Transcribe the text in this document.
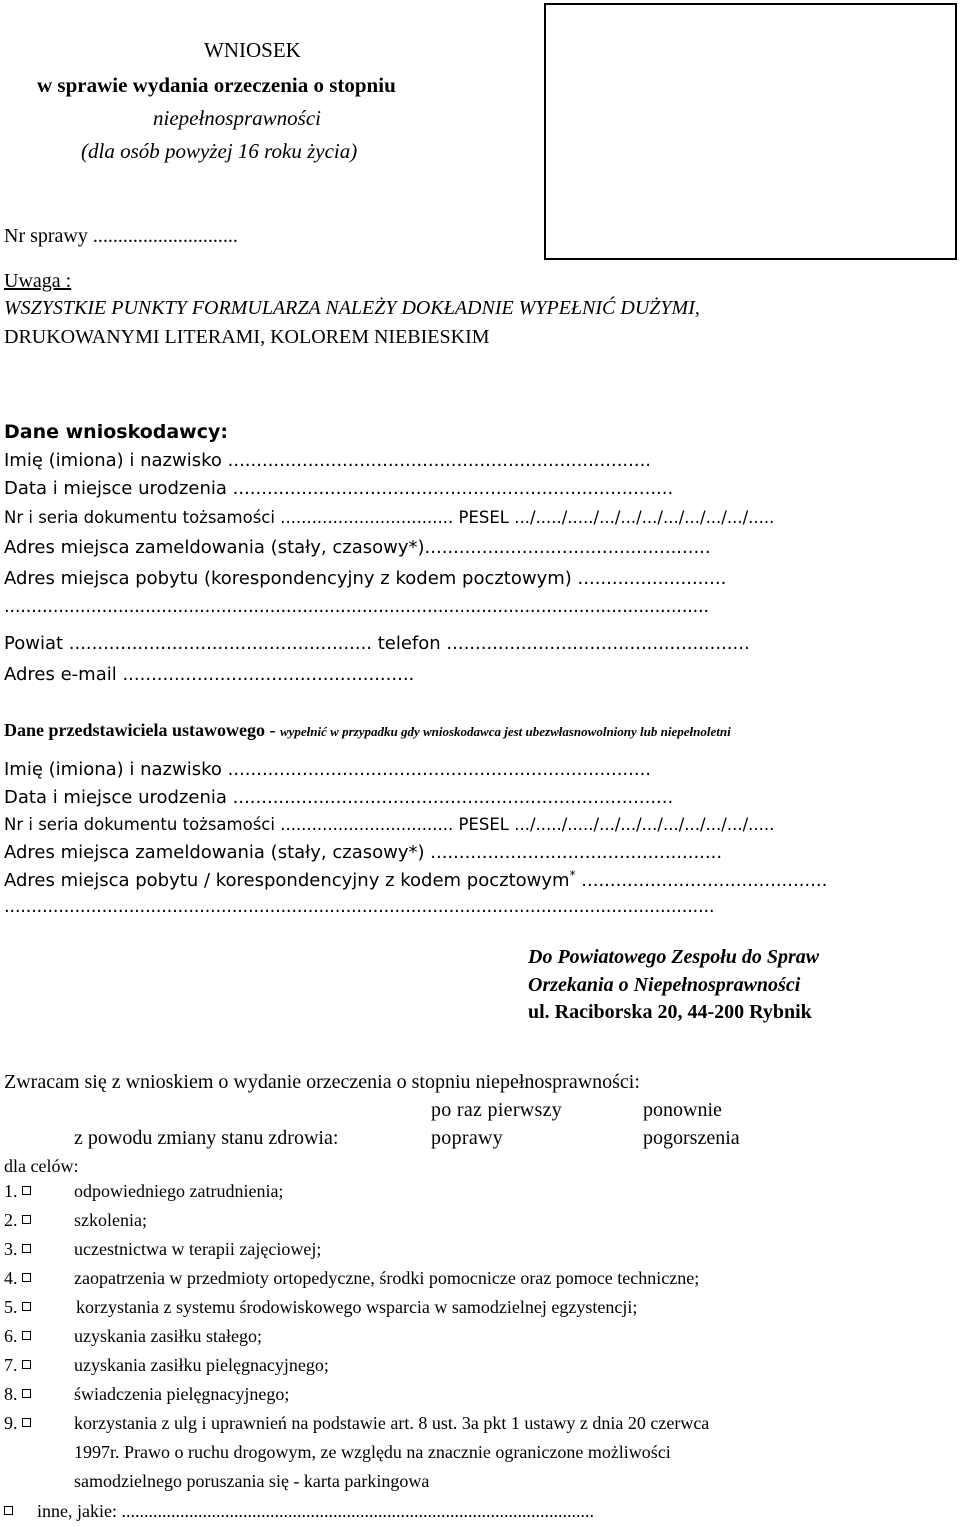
WNIOSEK
w sprawie wydania orzeczenia o stopniu
niepełnosprawności
(dla osób powyżej 16 roku życia)
Nr sprawy .............................
Uwaga :
WSZYSTKIE PUNKTY FORMULARZA NALEŻY DOKŁADNIE WYPEŁNIĆ DUŻYMI,
DRUKOWANYMI LITERAMI, KOLOREM NIEBIESKIM
Dane wnioskodawcy:
Imię (imiona) i nazwisko ..........................................................................
Data i miejsce urodzenia .............................................................................
Nr i seria dokumentu tożsamości ................................. PESEL .../...../...../.../.../.../.../.../.../.../.....
Adres miejsca zameldowania (stały, czasowy*)..................................................
Adres miejsca pobytu (korespondencyjny z kodem pocztowym) ..........................
..................................................................................................................................
Powiat ..................................................... telefon .....................................................
Adres e-mail ...................................................
Dane przedstawiciela ustawowego - wypełnić w przypadku gdy wnioskodawca jest ubezwłasnowolniony lub niepełnoletni
Imię (imiona) i nazwisko ..........................................................................
Data i miejsce urodzenia .............................................................................
Nr i seria dokumentu tożsamości ................................. PESEL .../...../...../.../.../.../.../.../.../.../.....
Adres miejsca zameldowania (stały, czasowy*) ...................................................
Adres miejsca pobytu / korespondencyjny z kodem pocztowym* ...........................................
...................................................................................................................................
Do Powiatowego Zespołu do Spraw
Orzekania o Niepełnosprawności
ul. Raciborska 20, 44-200 Rybnik
Zwracam się z wnioskiem o wydanie orzeczenia o stopniu niepełnosprawności:
po raz pierwszy	ponownie
z powodu zmiany stanu zdrowia:	poprawy	pogorszenia
dla celów:
1.	odpowiedniego zatrudnienia;
2.	szkolenia;
3.	uczestnictwa w terapii zajęciowej;
4.	zaopatrzenia w przedmioty ortopedyczne, środki pomocnicze oraz pomoce techniczne;
5.	korzystania z systemu środowiskowego wsparcia w samodzielnej egzystencji;
6.	uzyskania zasiłku stałego;
7.	uzyskania zasiłku pielęgnacyjnego;
8.	świadczenia pielęgnacyjnego;
9.	korzystania z ulg i uprawnień na podstawie art. 8 ust. 3a pkt 1 ustawy z dnia 20 czerwca
1997r. Prawo o ruchu drogowym, ze względu na znacznie ograniczone możliwości
samodzielnego poruszania się - karta parkingowa
inne, jakie: .........................................................................................................
